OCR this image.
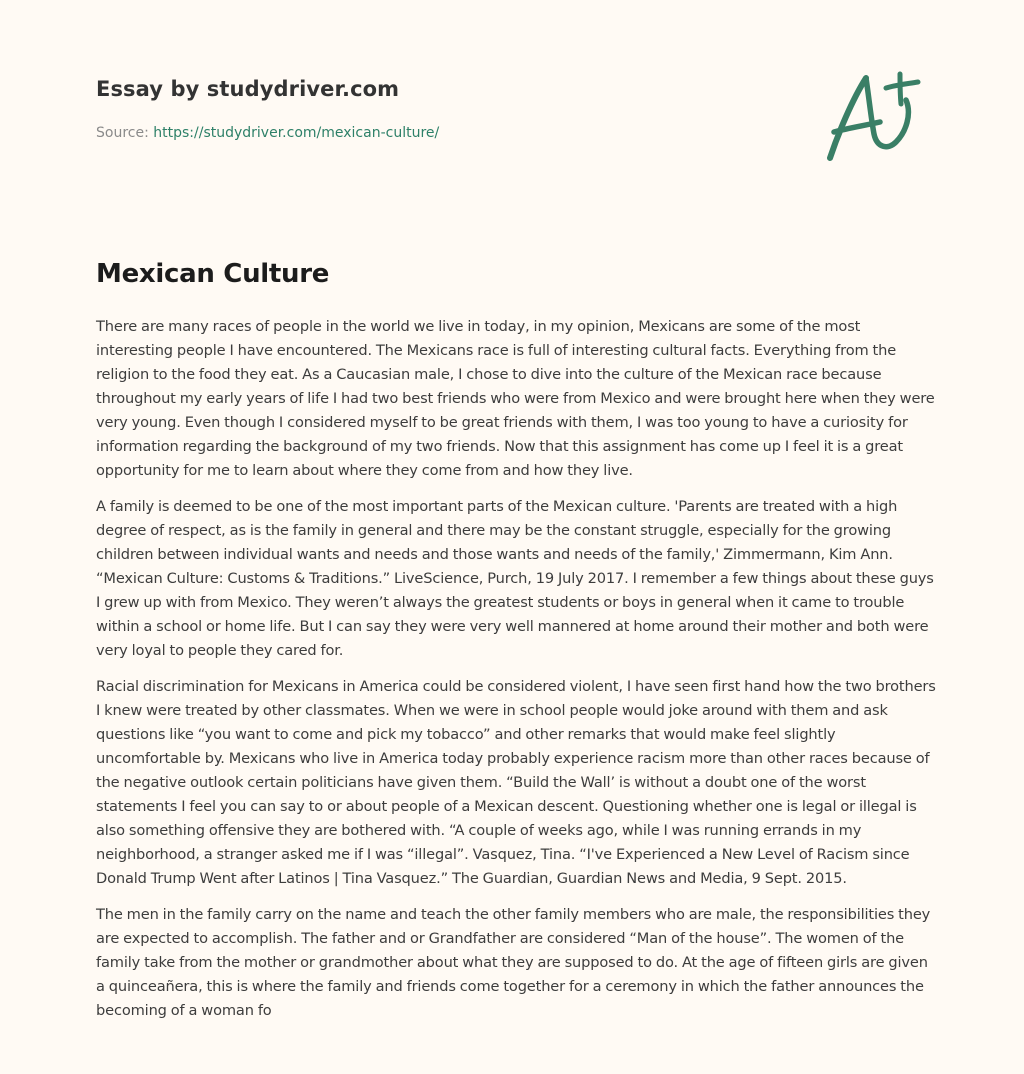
Essay by studydriver.com
Source: https://studydriver.com/mexican-culture/
Mexican Culture

There are many races of people in the world we live in today, in my opinion, Mexicans are some of the most interesting people I have encountered. The Mexicans race is full of interesting cultural facts. Everything from the religion to the food they eat. As a Caucasian male, I chose to dive into the culture of the Mexican race because throughout my early years of life I had two best friends who were from Mexico and were brought here when they were very young. Even though I considered myself to be great friends with them, I was too young to have a curiosity for information regarding the background of my two friends. Now that this assignment has come up I feel it is a great opportunity for me to learn about where they come from and how they live.

A family is deemed to be one of the most important parts of the Mexican culture. 'Parents are treated with a high degree of respect, as is the family in general and there may be the constant struggle, especially for the growing children between individual wants and needs and those wants and needs of the family,' Zimmermann, Kim Ann. “Mexican Culture: Customs & Traditions.” LiveScience, Purch, 19 July 2017. I remember a few things about these guys I grew up with from Mexico. They weren’t always the greatest students or boys in general when it came to trouble within a school or home life. But I can say they were very well mannered at home around their mother and both were very loyal to people they cared for.

Racial discrimination for Mexicans in America could be considered violent, I have seen first hand how the two brothers I knew were treated by other classmates. When we were in school people would joke around with them and ask questions like “you want to come and pick my tobacco” and other remarks that would make feel slightly uncomfortable by. Mexicans who live in America today probably experience racism more than other races because of the negative outlook certain politicians have given them. “Build the Wall’ is without a doubt one of the worst statements I feel you can say to or about people of a Mexican descent. Questioning whether one is legal or illegal is also something offensive they are bothered with. “A couple of weeks ago, while I was running errands in my neighborhood, a stranger asked me if I was “illegal”. Vasquez, Tina. “I've Experienced a New Level of Racism since Donald Trump Went after Latinos | Tina Vasquez.” The Guardian, Guardian News and Media, 9 Sept. 2015.

The men in the family carry on the name and teach the other family members who are male, the responsibilities they are expected to accomplish. The father and or Grandfather are considered “Man of the house”. The women of the family take from the mother or grandmother about what they are supposed to do. At the age of fifteen girls are given a quinceañera, this is where the family and friends come together for a ceremony in which the father announces the becoming of a woman fo
